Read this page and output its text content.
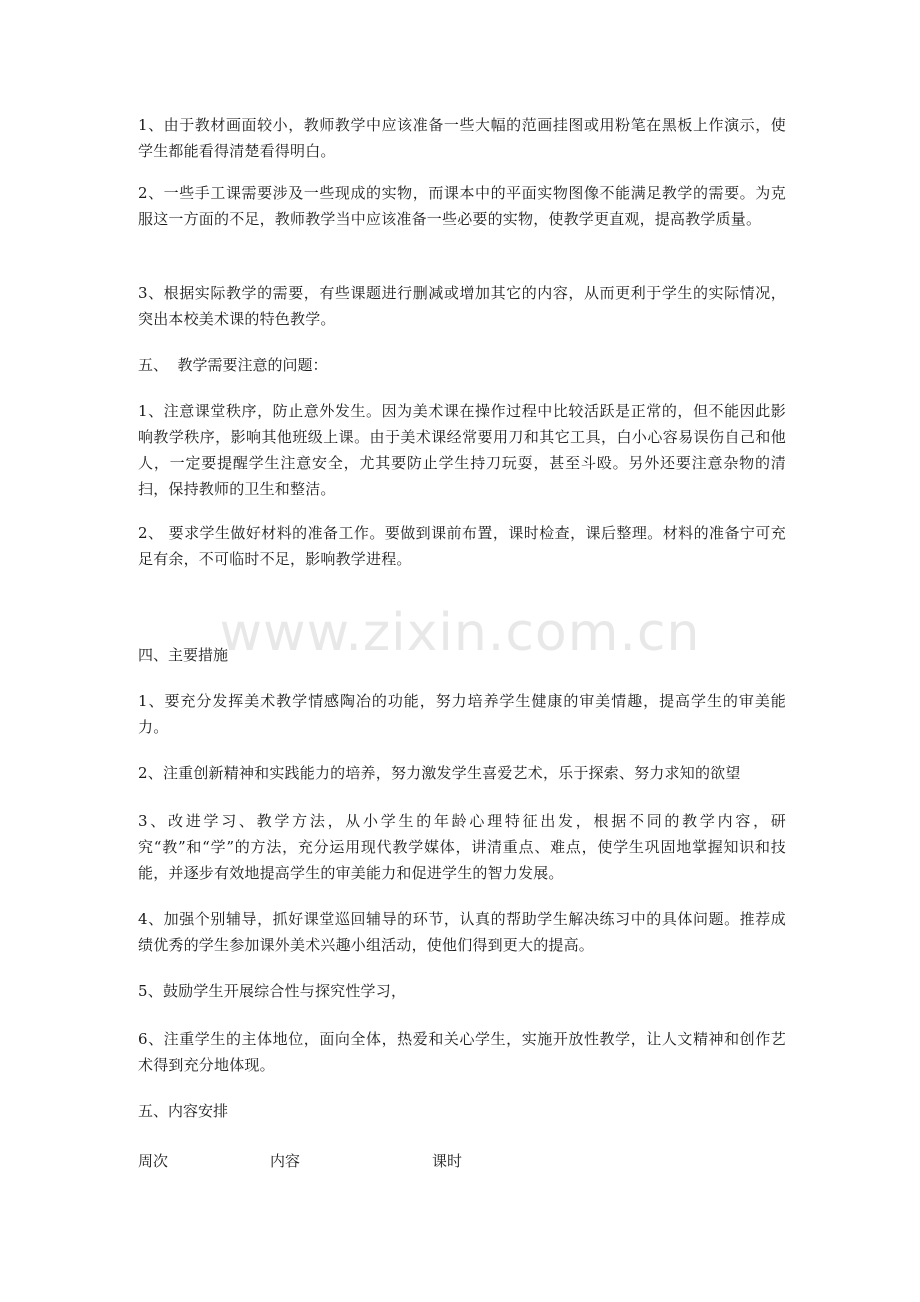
1、由于教材画面较小，教师教学中应该准备一些大幅的范画挂图或用粉笔在黑板上作演示，使学生都能看得清楚看得明白。

2、一些手工课需要涉及一些现成的实物，而课本中的平面实物图像不能满足教学的需要。为克服这一方面的不足，教师教学当中应该准备一些必要的实物，使教学更直观，提高教学质量。

3、根据实际教学的需要，有些课题进行删减或增加其它的内容，从而更利于学生的实际情况，突出本校美术课的特色教学。

五、  教学需要注意的问题：

1、注意课堂秩序，防止意外发生。因为美术课在操作过程中比较活跃是正常的，但不能因此影响教学秩序，影响其他班级上课。由于美术课经常要用刀和其它工具，白小心容易误伤自己和他人，一定要提醒学生注意安全，尤其要防止学生持刀玩耍，甚至斗殴。另外还要注意杂物的清扫，保持教师的卫生和整洁。

2、 要求学生做好材料的准备工作。要做到课前布置，课时检查，课后整理。材料的准备宁可充足有余，不可临时不足，影响教学进程。

www.zixin.com.cn

四、主要措施

1、要充分发挥美术教学情感陶冶的功能，努力培养学生健康的审美情趣，提高学生的审美能力。

2、注重创新精神和实践能力的培养，努力激发学生喜爱艺术，乐于探索、努力求知的欲望

3、改进学习、教学方法，从小学生的年龄心理特征出发，根据不同的教学内容，研究“教”和“学”的方法，充分运用现代教学媒体，讲清重点、难点，使学生巩固地掌握知识和技能，并逐步有效地提高学生的审美能力和促进学生的智力发展。

4、加强个别辅导，抓好课堂巡回辅导的环节，认真的帮助学生解决练习中的具体问题。推荐成绩优秀的学生参加课外美术兴趣小组活动，使他们得到更大的提高。

5、鼓励学生开展综合性与探究性学习，

6、注重学生的主体地位，面向全体，热爱和关心学生，实施开放性教学，让人文精神和创作艺术得到充分地体现。

五、内容安排

周次	内容	课时
